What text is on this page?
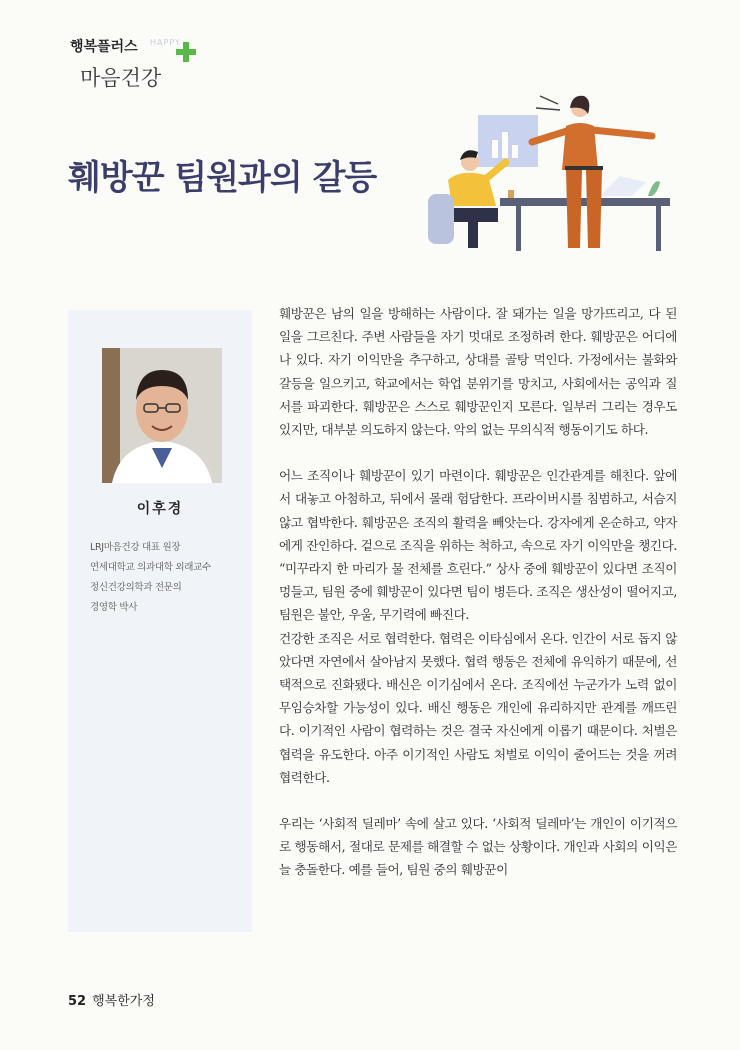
행복플러스 HAPPY
마음건강
훼방꾼 팀원과의 갈등
이후경
LRJ마음건강 대표 원장
연세대학교 의과대학 외래교수
정신건강의학과 전문의
경영학 박사

훼방꾼은 남의 일을 방해하는 사람이다. 잘 돼가는 일을 망가뜨리고, 다 된 일을 그르친다. 주변 사람들을 자기 멋대로 조정하려 한다. 훼방꾼은 어디에나 있다. 자기 이익만을 추구하고, 상대를 골탕 먹인다. 가정에서는 불화와 갈등을 일으키고, 학교에서는 학업 분위기를 망치고, 사회에서는 공익과 질서를 파괴한다. 훼방꾼은 스스로 훼방꾼인지 모른다. 일부러 그리는 경우도 있지만, 대부분 의도하지 않는다. 악의 없는 무의식적 행동이기도 하다.

어느 조직이나 훼방꾼이 있기 마련이다. 훼방꾼은 인간관계를 해친다. 앞에서 대놓고 아첨하고, 뒤에서 몰래 험담한다. 프라이버시를 침범하고, 서슴지 않고 협박한다. 훼방꾼은 조직의 활력을 빼앗는다. 강자에게 온순하고, 약자에게 잔인하다. 겉으로 조직을 위하는 척하고, 속으로 자기 이익만을 챙긴다. “미꾸라지 한 마리가 물 전체를 흐린다.” 상사 중에 훼방꾼이 있다면 조직이 멍들고, 팀원 중에 훼방꾼이 있다면 팀이 병든다. 조직은 생산성이 떨어지고, 팀원은 불안, 우울, 무기력에 빠진다.

건강한 조직은 서로 협력한다. 협력은 이타심에서 온다. 인간이 서로 돕지 않았다면 자연에서 살아남지 못했다. 협력 행동은 전체에 유익하기 때문에, 선택적으로 진화됐다. 배신은 이기심에서 온다. 조직에선 누군가가 노력 없이 무임승차할 가능성이 있다. 배신 행동은 개인에 유리하지만 관계를 깨뜨린다. 이기적인 사람이 협력하는 것은 결국 자신에게 이롭기 때문이다. 처벌은 협력을 유도한다. 아주 이기적인 사람도 처벌로 이익이 줄어드는 것을 꺼려 협력한다.

우리는 ‘사회적 딜레마’ 속에 살고 있다. ‘사회적 딜레마’는 개인이 이기적으로 행동해서, 절대로 문제를 해결할 수 없는 상황이다. 개인과 사회의 이익은 늘 충돌한다. 예를 들어, 팀원 중의 훼방꾼이

52 행복한가정
